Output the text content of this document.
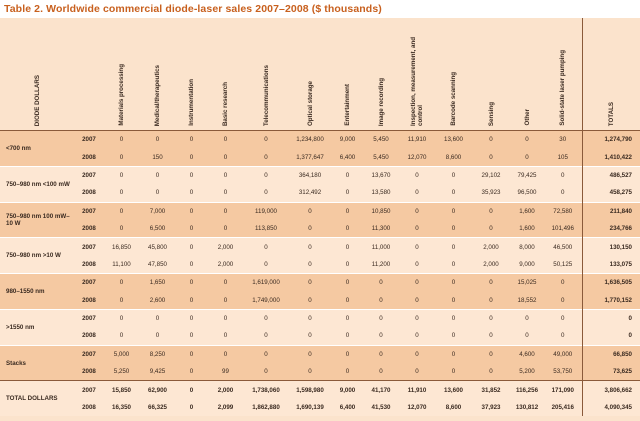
Table 2. Worldwide commercial diode-laser sales 2007–2008 ($ thousands)
DIODE DOLLARS		Materials processing	Medical/therapeutics	Instrumentation	Basic research	Telecommunications	Optical storage	Entertainment	Image recording	Inspection, measurement, and control	Barcode scanning	Sensing	Other	Solid-state laser pumping	TOTALS

<700 nm	2007	0	0	0	0	0	1,234,800	9,000	5,450	11,910	13,600	0	0	30	1,274,790
	2008	0	150	0	0	0	1,377,647	6,400	5,450	12,070	8,600	0	0	105	1,410,422
750–980 nm <100 mW	2007	0	0	0	0	0	364,180	0	13,670	0	0	29,102	79,425	0	486,527
	2008	0	0	0	0	0	312,492	0	13,580	0	0	35,923	96,500	0	458,275
750–980 nm 100 mW–10 W	2007	0	7,000	0	0	119,000	0	0	10,850	0	0	0	1,600	72,580	211,840
	2008	0	6,500	0	0	113,850	0	0	11,300	0	0	0	1,600	101,496	234,766
750–980 nm >10 W	2007	16,850	45,800	0	2,000	0	0	0	11,000	0	0	2,000	8,000	46,500	130,150
	2008	11,100	47,850	0	2,000	0	0	0	11,200	0	0	2,000	9,000	50,125	133,075
980–1550 nm	2007	0	1,650	0	0	1,619,000	0	0	0	0	0	0	15,025	0	1,636,505
	2008	0	2,600	0	0	1,749,000	0	0	0	0	0	0	18,552	0	1,770,152
>1550 nm	2007	0	0	0	0	0	0	0	0	0	0	0	0	0	0
	2008	0	0	0	0	0	0	0	0	0	0	0	0	0	0
Stacks	2007	5,000	8,250	0	0	0	0	0	0	0	0	0	4,600	49,000	66,850
	2008	5,250	9,425	0	99	0	0	0	0	0	0	0	5,200	53,750	73,625
TOTAL DOLLARS	2007	15,850	62,900	0	2,000	1,738,060	1,598,980	9,000	41,170	11,910	13,600	31,852	116,256	171,090	3,806,662
	2008	16,350	66,325	0	2,099	1,862,880	1,690,139	6,400	41,530	12,070	8,600	37,923	130,812	205,416	4,090,345
